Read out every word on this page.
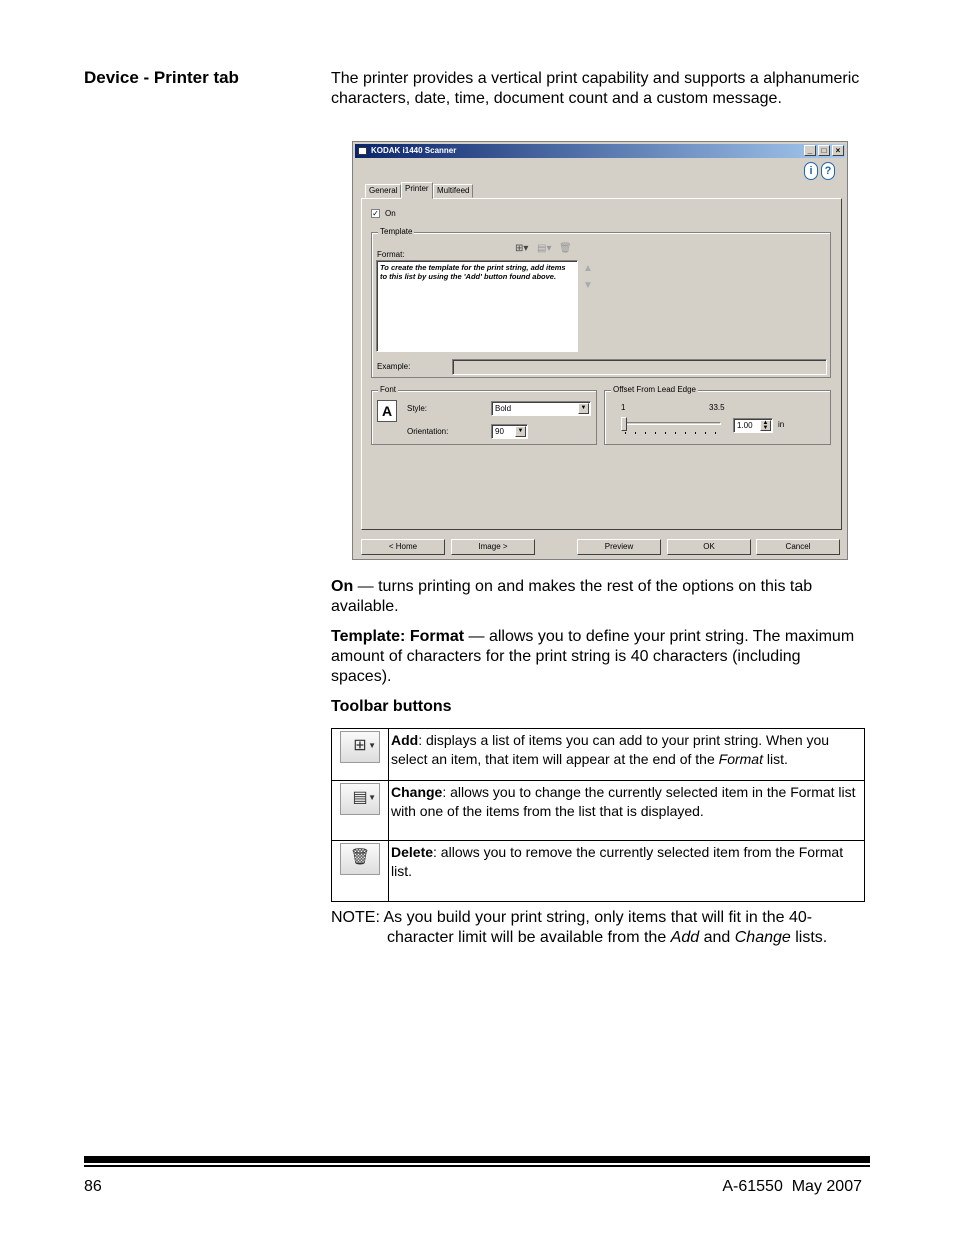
Device - Printer tab	The printer provides a vertical print capability and supports a alphanumeric characters, date, time, document count and a custom message.
KODAK i1440 Scanner	_	□	×
i	?
General Printer	Multifeed
✓ On
Template
Format:
⊞▾ ▤▾ 🗑
To create the template for the print string, add items to this list by using the 'Add' button found above.
▲
▼
Example:
Font
A	Style:	Bold	▼
Orientation:	90	▼
Offset From Lead Edge
1	33.5
1.00	▲
▼	in
< Home	Image >	Preview	OK	Cancel
On — turns printing on and makes the rest of the options on this tab available.
Template: Format — allows you to define your print string. The maximum amount of characters for the print string is 40 characters (including spaces).
Toolbar buttons
⊞ ▼	Add: displays a list of items you can add to your print string. When you select an item, that item will appear at the end of the Format list.
▤ ▼	Change: allows you to change the currently selected item in the Format list with one of the items from the list that is displayed.
🗑	Delete: allows you to remove the currently selected item from the Format list.
NOTE: As you build your print string, only items that will fit in the 40-
character limit will be available from the Add and Change lists.
86	A-61550  May 2007
